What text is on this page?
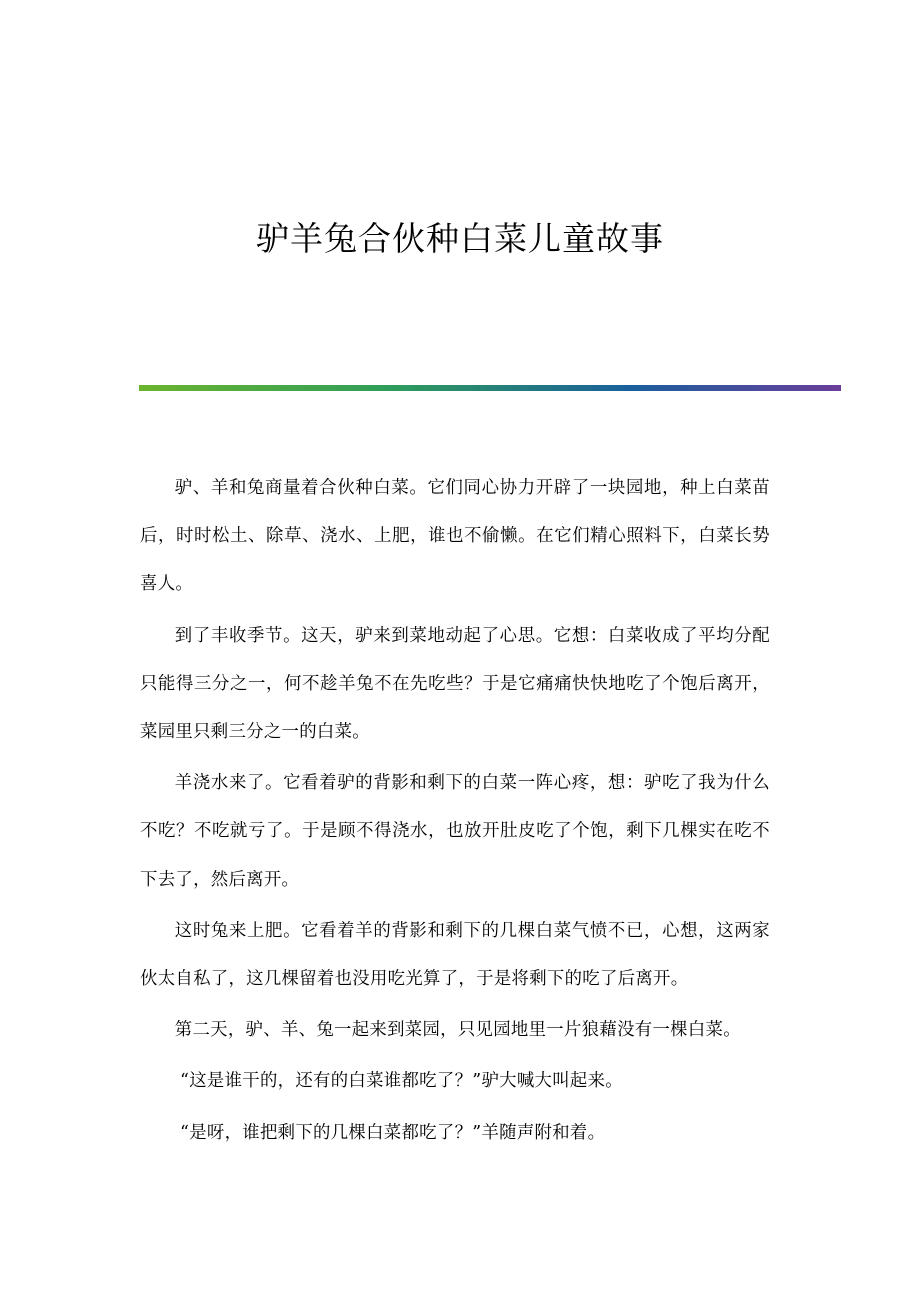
驴羊兔合伙种白菜儿童故事

驴、羊和兔商量着合伙种白菜。它们同心协力开辟了一块园地，种上白菜苗后，时时松土、除草、浇水、上肥，谁也不偷懒。在它们精心照料下，白菜长势喜人。

到了丰收季节。这天，驴来到菜地动起了心思。它想：白菜收成了平均分配只能得三分之一，何不趁羊兔不在先吃些？于是它痛痛快快地吃了个饱后离开，菜园里只剩三分之一的白菜。

羊浇水来了。它看着驴的背影和剩下的白菜一阵心疼，想：驴吃了我为什么不吃？不吃就亏了。于是顾不得浇水，也放开肚皮吃了个饱，剩下几棵实在吃不下去了，然后离开。

这时兔来上肥。它看着羊的背影和剩下的几棵白菜气愤不已，心想，这两家伙太自私了，这几棵留着也没用吃光算了，于是将剩下的吃了后离开。

第二天，驴、羊、兔一起来到菜园，只见园地里一片狼藉没有一棵白菜。

“这是谁干的，还有的白菜谁都吃了？”驴大喊大叫起来。

“是呀，谁把剩下的几棵白菜都吃了？”羊随声附和着。
